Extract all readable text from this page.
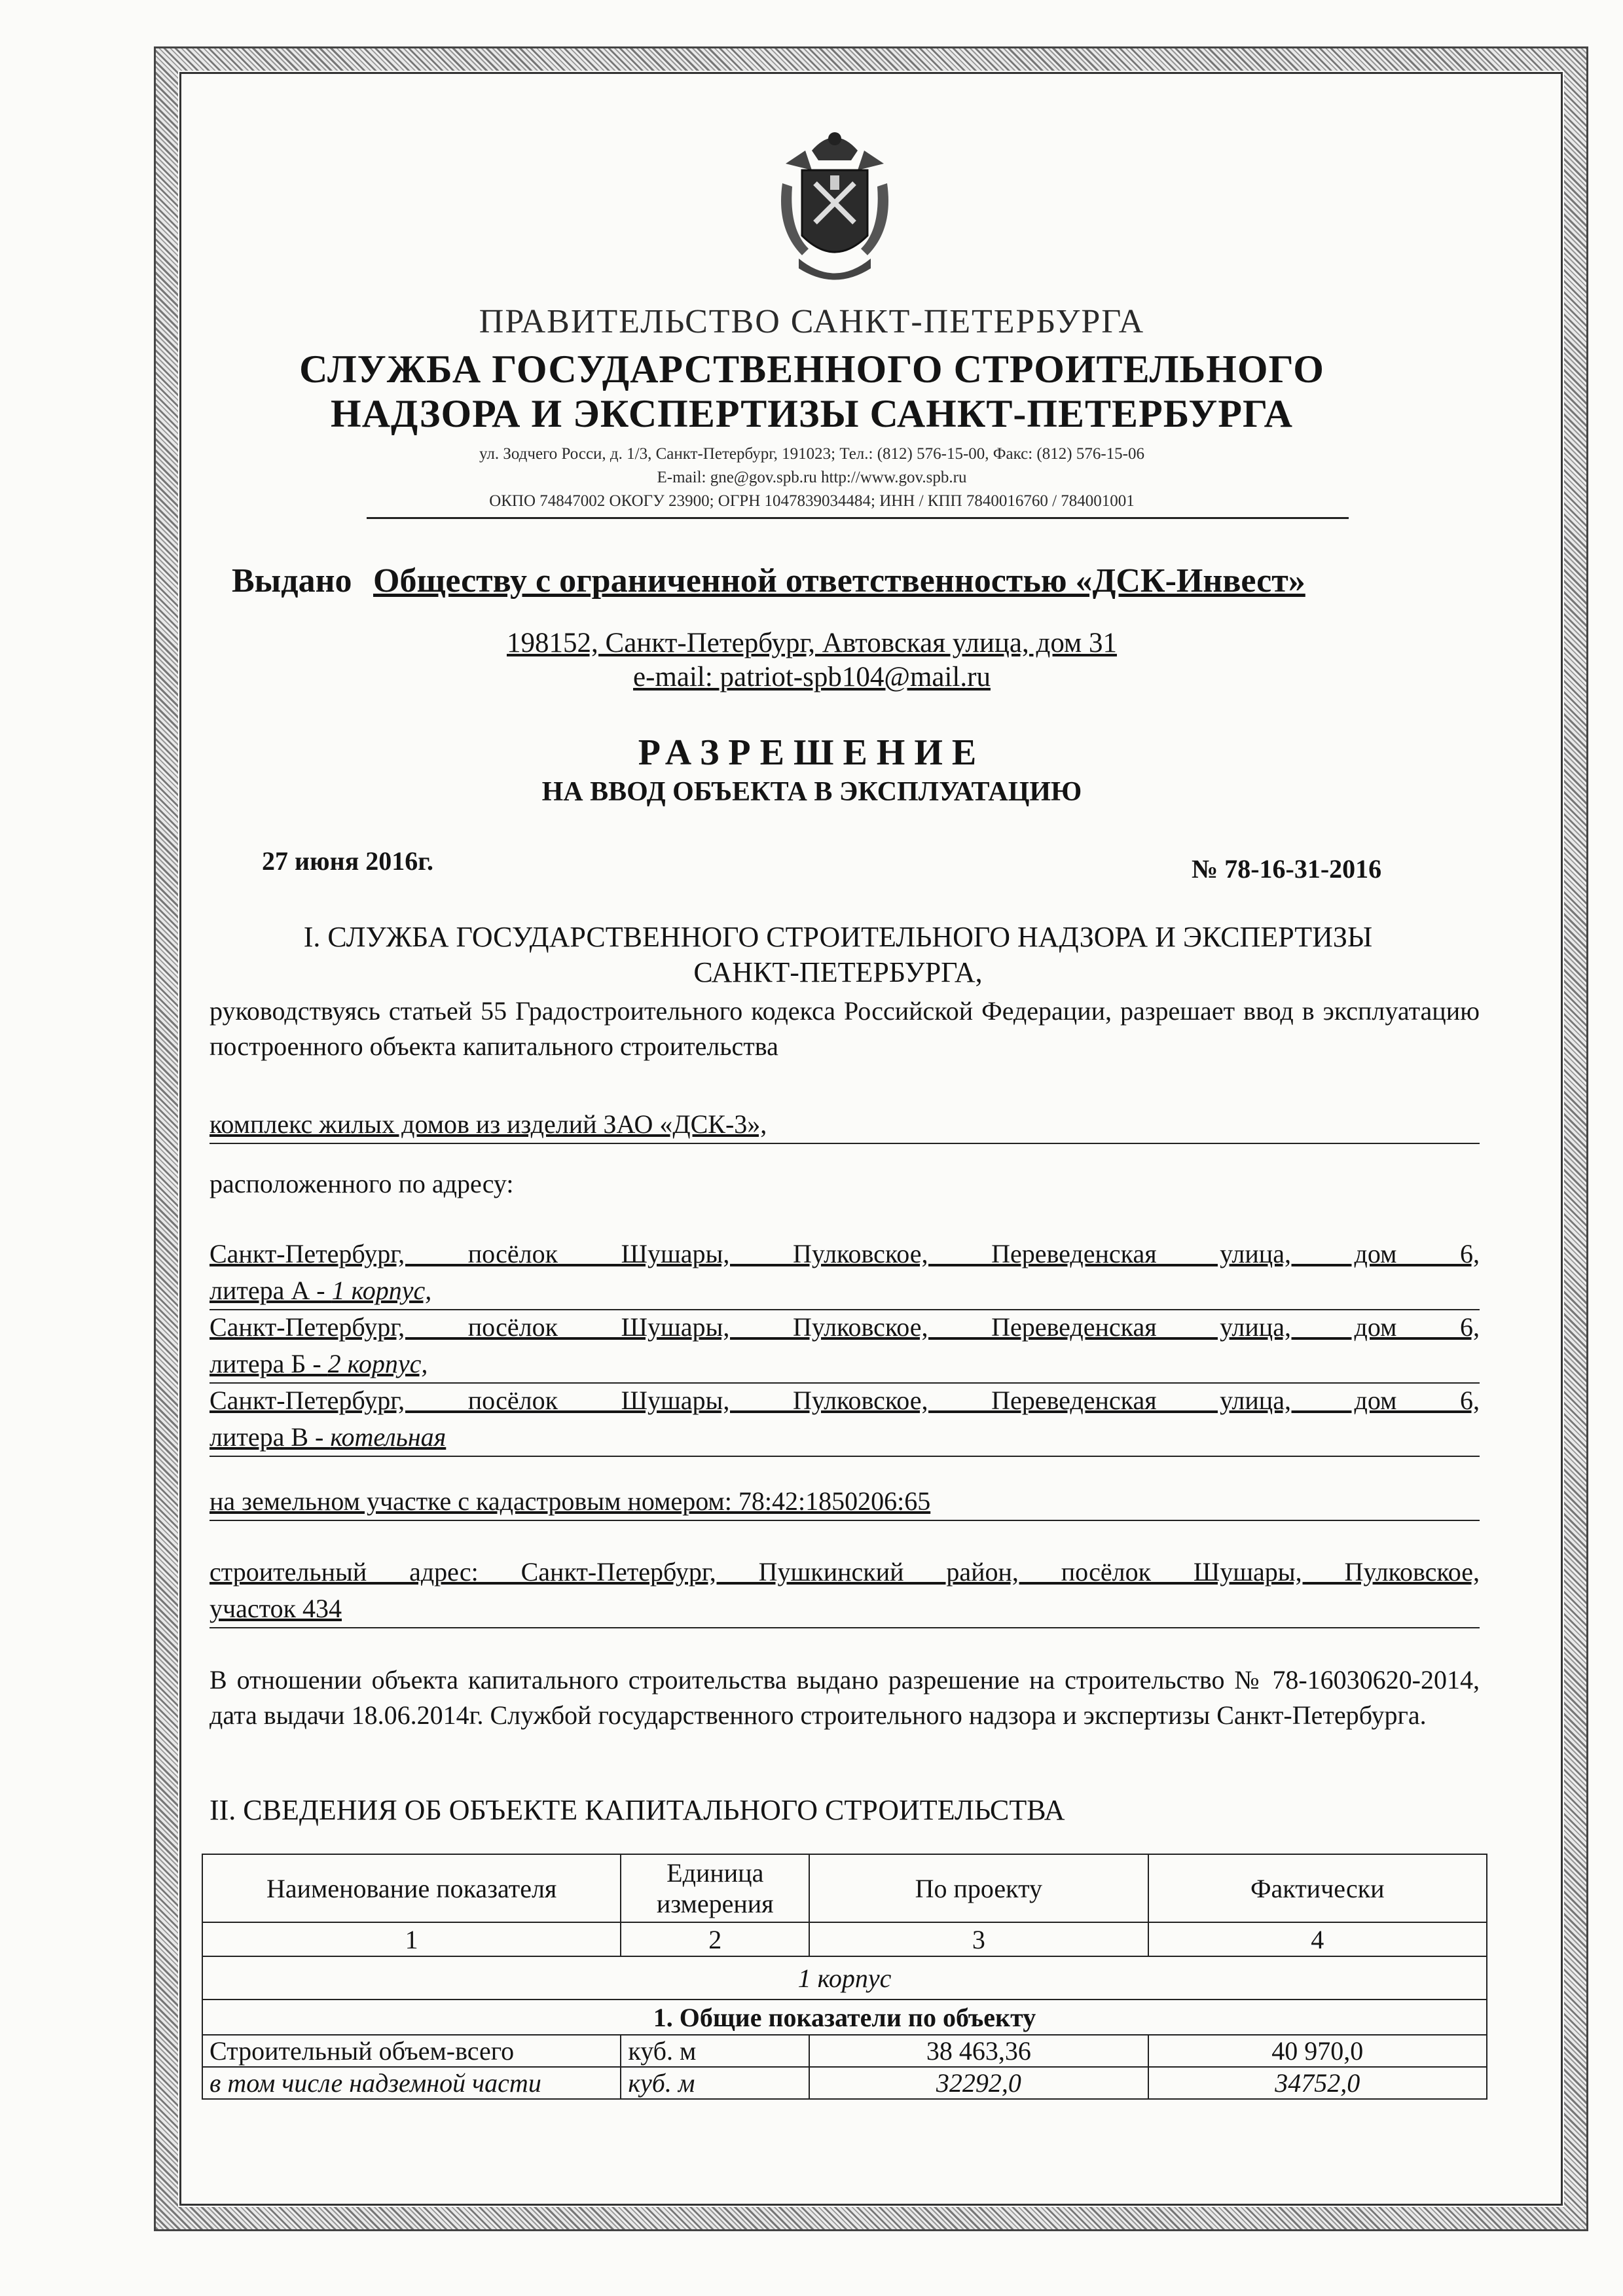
ПРАВИТЕЛЬСТВО САНКТ-ПЕТЕРБУРГА
СЛУЖБА ГОСУДАРСТВЕННОГО СТРОИТЕЛЬНОГО
НАДЗОРА И ЭКСПЕРТИЗЫ САНКТ-ПЕТЕРБУРГА
ул. Зодчего Росси, д. 1/3, Санкт-Петербург, 191023; Тел.: (812) 576-15-00, Факс: (812) 576-15-06
E-mail: gne@gov.spb.ru http://www.gov.spb.ru
ОКПО 74847002 ОКОГУ 23900; ОГРН 1047839034484; ИНН / КПП 7840016760 / 784001001
Выдано Обществу с ограниченной ответственностью «ДСК-Инвест»
198152, Санкт-Петербург, Автовская улица, дом 31
e-mail: patriot-spb104@mail.ru
РАЗРЕШЕНИЕ
НА ВВОД ОБЪЕКТА В ЭКСПЛУАТАЦИЮ
27 июня 2016г.	№ 78-16-31-2016
I. СЛУЖБА ГОСУДАРСТВЕННОГО СТРОИТЕЛЬНОГО НАДЗОРА И ЭКСПЕРТИЗЫ
САНКТ-ПЕТЕРБУРГА,
руководствуясь статьей 55 Градостроительного кодекса Российской Федерации, разрешает ввод в эксплуатацию построенного объекта капитального строительства
комплекс жилых домов из изделий ЗАО «ДСК-3»,
расположенного по адресу:
Санкт-Петербург, посёлок Шушары, Пулковское, Переведенская улица, дом 6,
литера А - 1 корпус,
Санкт-Петербург, посёлок Шушары, Пулковское, Переведенская улица, дом 6,
литера Б - 2 корпус,
Санкт-Петербург, посёлок Шушары, Пулковское, Переведенская улица, дом 6,
литера В - котельная
на земельном участке с кадастровым номером: 78:42:1850206:65
строительный адрес: Санкт-Петербург, Пушкинский район, посёлок Шушары, Пулковское,
участок 434
В отношении объекта капитального строительства выдано разрешение на строительство № 78-16030620-2014, дата выдачи 18.06.2014г. Службой государственного строительного надзора и экспертизы Санкт-Петербурга.
II. СВЕДЕНИЯ ОБ ОБЪЕКТЕ КАПИТАЛЬНОГО СТРОИТЕЛЬСТВА
Наименование показателя	Единица измерения	По проекту	Фактически
1	2	3	4
1 корпус			
1. Общие показатели по объекту			
Строительный объем-всего	куб. м	38 463,36	40 970,0
в том числе надземной части	куб. м	32292,0	34752,0
